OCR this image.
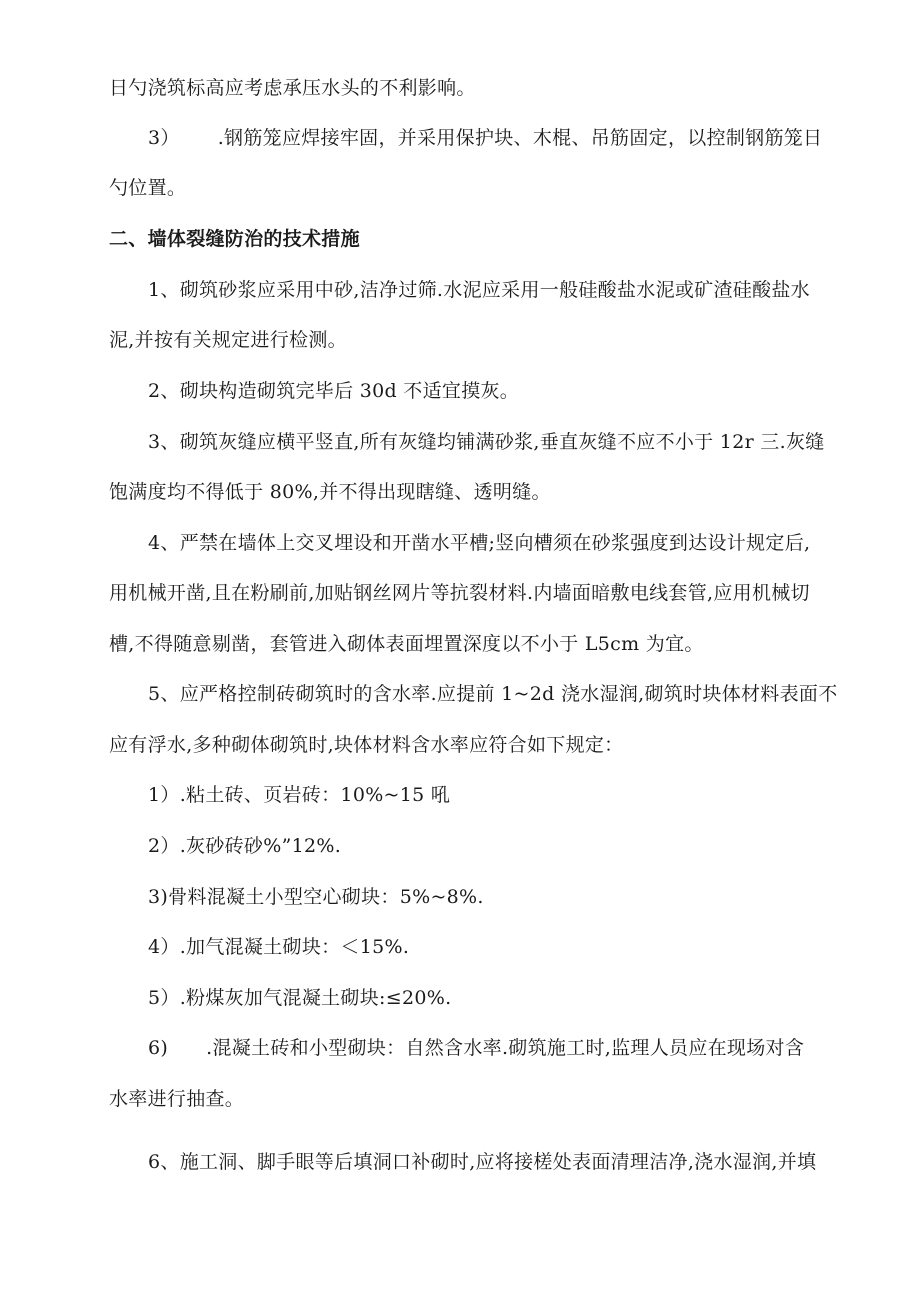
日勺浇筑标高应考虑承压水头的不利影响。
3） .钢筋笼应焊接牢固，并采用保护块、木棍、吊筋固定，以控制钢筋笼日
勺位置。
二、墙体裂缝防治的技术措施
1、砌筑砂浆应采用中砂,洁净过筛.水泥应采用一般硅酸盐水泥或矿渣硅酸盐水
泥,并按有关规定进行检测。
2、砌块构造砌筑完毕后 30d 不适宜摸灰。
3、砌筑灰缝应横平竖直,所有灰缝均铺满砂浆,垂直灰缝不应不小于 12r 三.灰缝
饱满度均不得低于 80%,并不得出现瞎缝、透明缝。
4、严禁在墙体上交叉埋设和开凿水平槽;竖向槽须在砂浆强度到达设计规定后,
用机械开凿,且在粉刷前,加贴钢丝网片等抗裂材料.内墙面暗敷电线套管,应用机械切
槽,不得随意剔凿，套管进入砌体表面埋置深度以不小于 L5cm 为宜。
5、应严格控制砖砌筑时的含水率.应提前 1~2d 浇水湿润,砌筑时块体材料表面不
应有浮水,多种砌体砌筑时,块体材料含水率应符合如下规定：
1）.粘土砖、页岩砖：10%~15 吼
2）.灰砂砖砂%”12%.
3)骨料混凝土小型空心砌块：5%~8%.
4）.加气混凝土砌块：＜15%.
5）.粉煤灰加气混凝土砌块:≤20%.
6) .混凝土砖和小型砌块：自然含水率.砌筑施工时,监理人员应在现场对含
水率进行抽查。
6、施工洞、脚手眼等后填洞口补砌时,应将接槎处表面清理洁净,浇水湿润,并填
